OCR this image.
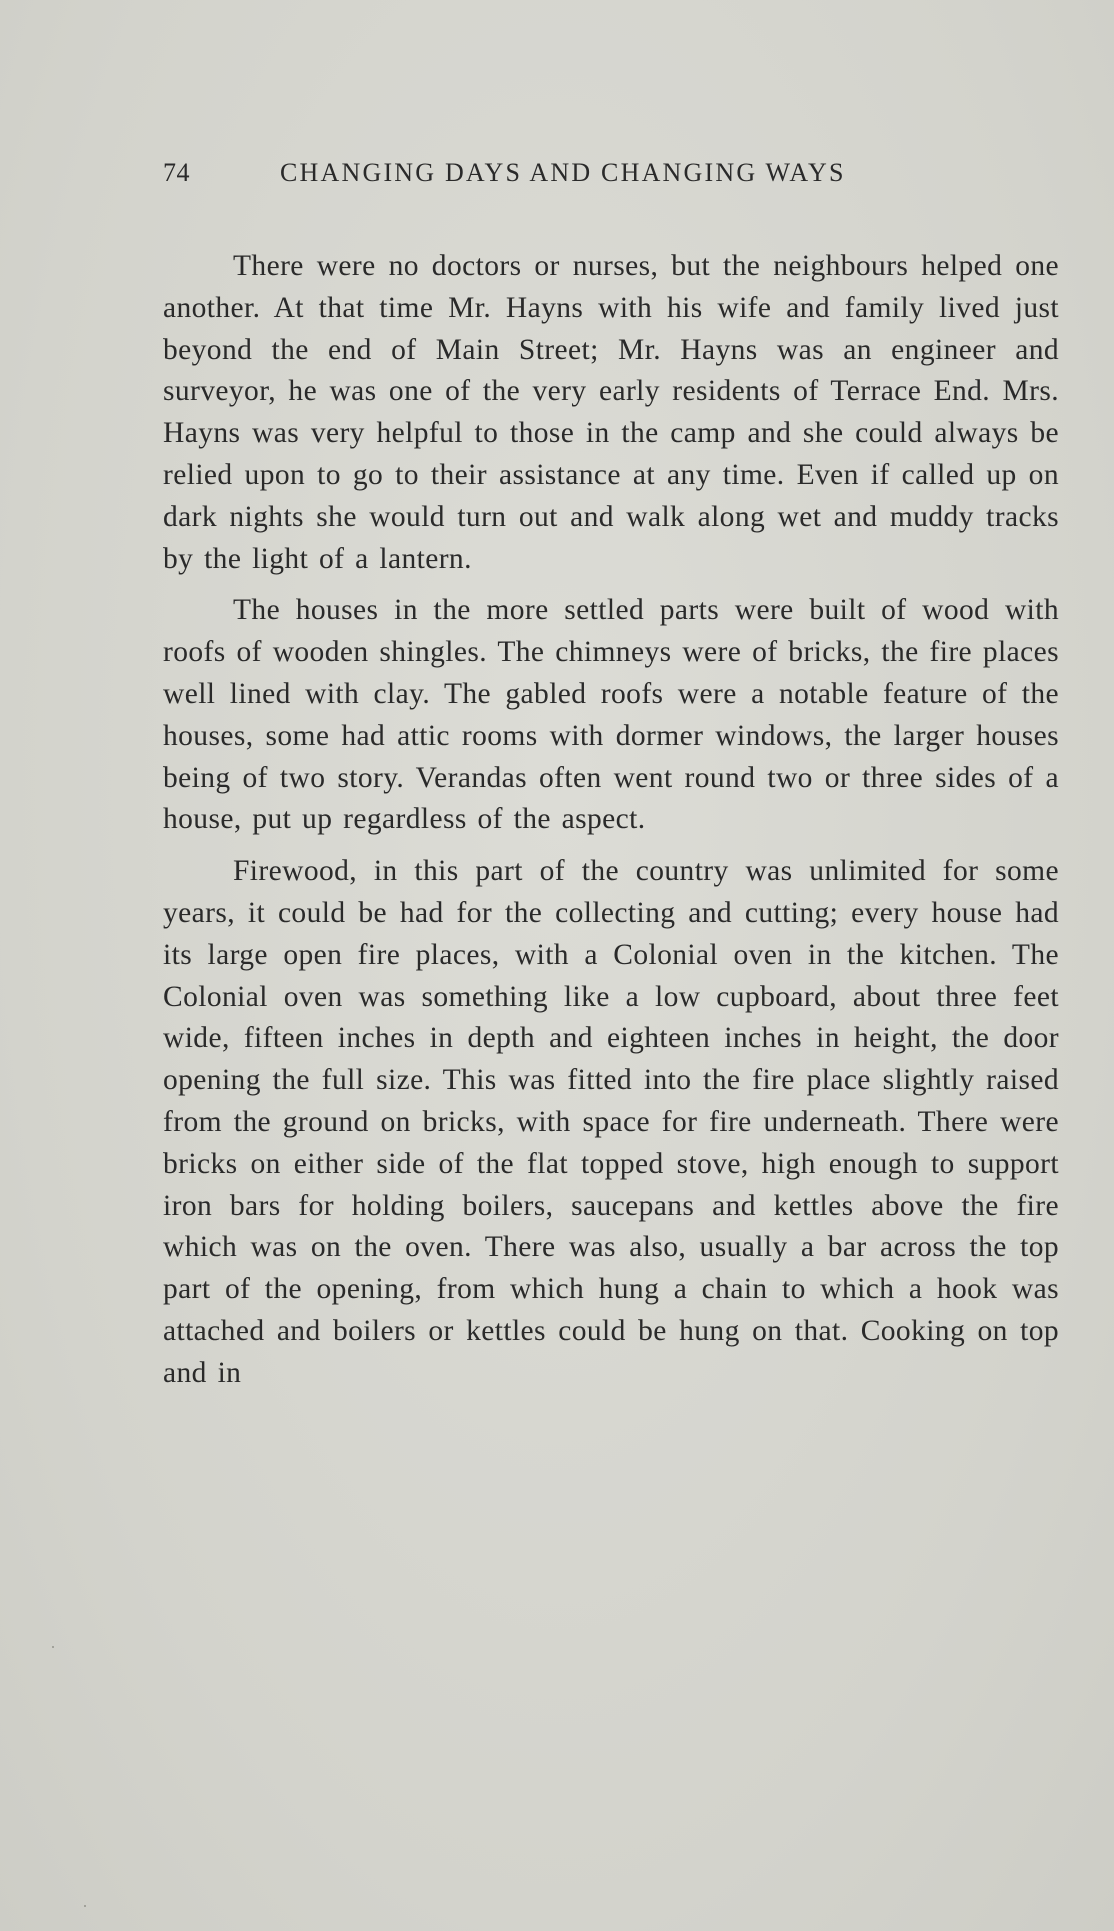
74	CHANGING DAYS AND CHANGING WAYS

There were no doctors or nurses, but the neighbours helped one another. At that time Mr. Hayns with his wife and family lived just beyond the end of Main Street; Mr. Hayns was an engineer and surveyor, he was one of the very early residents of Terrace End. Mrs. Hayns was very helpful to those in the camp and she could always be relied upon to go to their assistance at any time. Even if called up on dark nights she would turn out and walk along wet and muddy tracks by the light of a lantern.

The houses in the more settled parts were built of wood with roofs of wooden shingles. The chimneys were of bricks, the fire places well lined with clay. The gabled roofs were a notable feature of the houses, some had attic rooms with dormer windows, the larger houses being of two story. Verandas often went round two or three sides of a house, put up regardless of the aspect.

Firewood, in this part of the country was unlimited for some years, it could be had for the collecting and cutting; every house had its large open fire places, with a Colonial oven in the kitchen. The Colonial oven was something like a low cupboard, about three feet wide, fifteen inches in depth and eighteen inches in height, the door opening the full size. This was fitted into the fire place slightly raised from the ground on bricks, with space for fire underneath. There were bricks on either side of the flat topped stove, high enough to support iron bars for holding boilers, saucepans and kettles above the fire which was on the oven. There was also, usually a bar across the top part of the opening, from which hung a chain to which a hook was attached and boilers or kettles could be hung on that. Cooking on top and in
